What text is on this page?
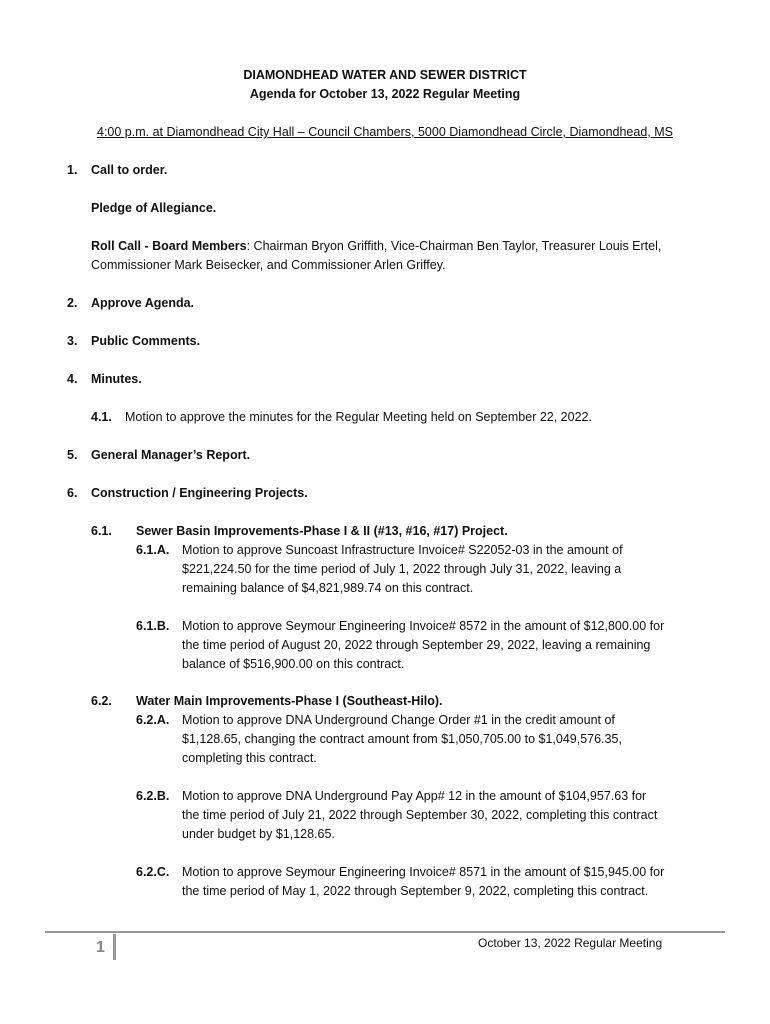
DIAMONDHEAD WATER AND SEWER DISTRICT
Agenda for October 13, 2022 Regular Meeting
4:00 p.m. at Diamondhead City Hall – Council Chambers, 5000 Diamondhead Circle, Diamondhead, MS
1.	Call to order.
Pledge of Allegiance.
Roll Call - Board Members: Chairman Bryon Griffith, Vice-Chairman Ben Taylor, Treasurer Louis Ertel,
Commissioner Mark Beisecker, and Commissioner Arlen Griffey.
2.	Approve Agenda.
3.	Public Comments.
4.	Minutes.
4.1. Motion to approve the minutes for the Regular Meeting held on September 22, 2022.
5.	General Manager’s Report.
6.	Construction / Engineering Projects.
6.1. Sewer Basin Improvements-Phase I & II (#13, #16, #17) Project.
6.1.A. Motion to approve Suncoast Infrastructure Invoice# S22052-03 in the amount of
$221,224.50 for the time period of July 1, 2022 through July 31, 2022, leaving a
remaining balance of $4,821,989.74 on this contract.
6.1.B. Motion to approve Seymour Engineering Invoice# 8572 in the amount of $12,800.00 for
the time period of August 20, 2022 through September 29, 2022, leaving a remaining
balance of $516,900.00 on this contract.
6.2. Water Main Improvements-Phase I (Southeast-Hilo).
6.2.A. Motion to approve DNA Underground Change Order #1 in the credit amount of
$1,128.65, changing the contract amount from $1,050,705.00 to $1,049,576.35,
completing this contract.
6.2.B. Motion to approve DNA Underground Pay App# 12 in the amount of $104,957.63 for
the time period of July 21, 2022 through September 30, 2022, completing this contract
under budget by $1,128.65.
6.2.C. Motion to approve Seymour Engineering Invoice# 8571 in the amount of $15,945.00 for
the time period of May 1, 2022 through September 9, 2022, completing this contract.
1	October 13, 2022 Regular Meeting
